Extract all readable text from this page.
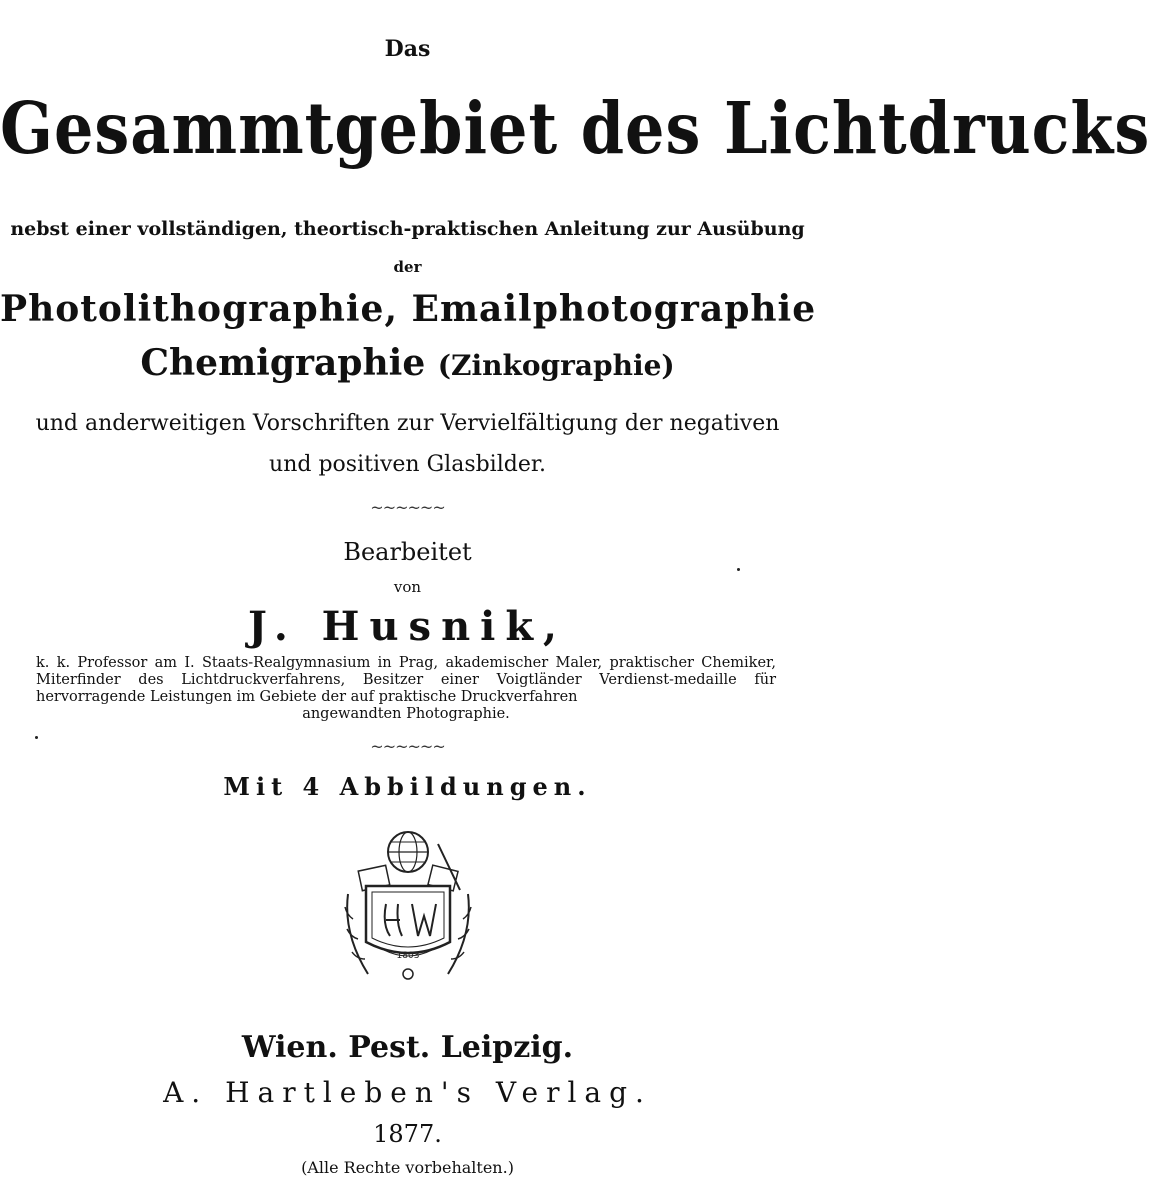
Das
Gesammtgebiet des Lichtdrucks
nebst einer vollständigen, theortisch-praktischen Anleitung zur Ausübung
der
Photolithographie, Emailphotographie
Chemigraphie (Zinkographie)
und anderweitigen Vorschriften zur Vervielfältigung der negativen
und positiven Glasbilder.
~~~~~~
Bearbeitet
von
J. Husnik,
k. k. Professor am I. Staats-Realgymnasium in Prag, akademischer Maler, praktischer Chemiker, Miterfinder des Lichtdruckverfahrens, Besitzer einer Voigtländer Verdienst-medaille für hervorragende Leistungen im Gebiete der auf praktische Druckverfahren
angewandten Photographie.
~~~~~~
Mit 4 Abbildungen.
1803
Wien. Pest. Leipzig.
A. Hartleben's Verlag.
1877.
(Alle Rechte vorbehalten.)
